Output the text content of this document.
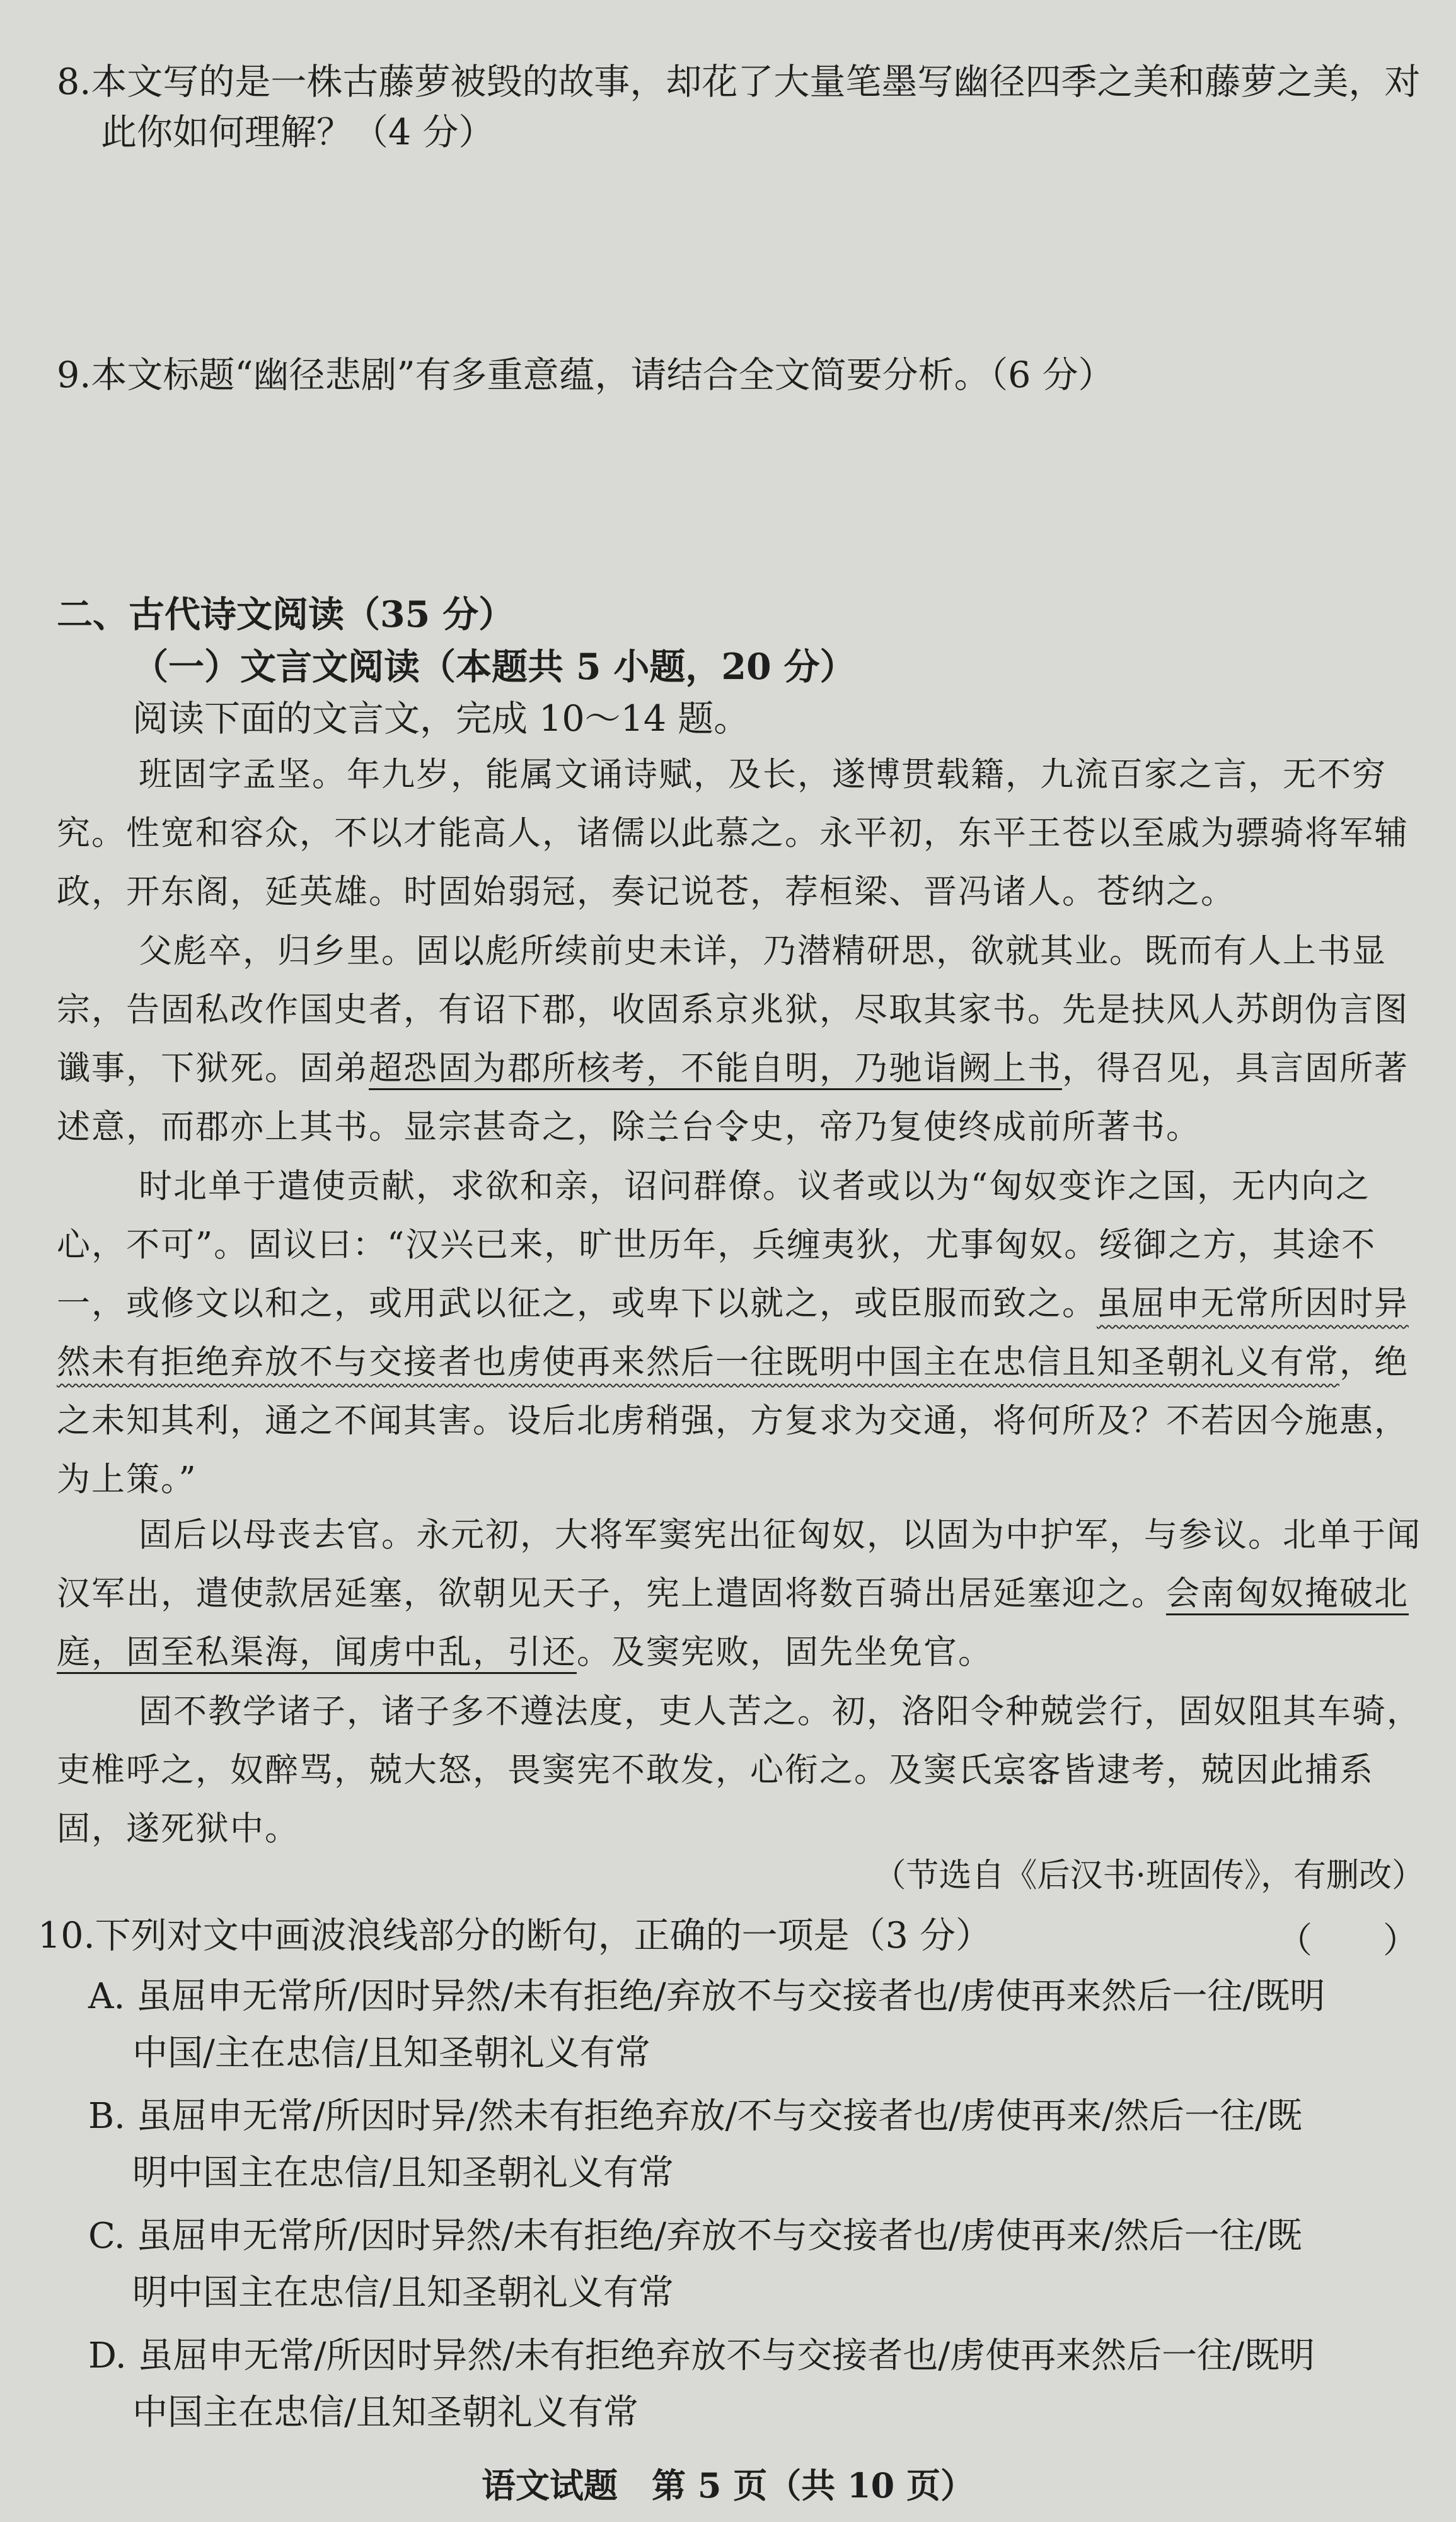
8.本文写的是一株古藤萝被毁的故事，却花了大量笔墨写幽径四季之美和藤萝之美，对
此你如何理解？（4 分）
9.本文标题“幽径悲剧”有多重意蕴，请结合全文简要分析。（6 分）
二、古代诗文阅读（35 分）
（一）文言文阅读（本题共 5 小题，20 分）
阅读下面的文言文，完成 10～14 题。
班固字孟坚。年九岁，能属文诵诗赋，及长，遂博贯载籍，九流百家之言，无不穷究。性宽和容众，不以才能高人，诸儒以此慕之。永平初，东平王苍以至戚为骠骑将军辅政，开东阁，延英雄。时固始弱冠，奏记说苍，荐桓梁、晋冯诸人。苍纳之。
父彪卒，归乡里。固以彪所续前史未详，乃潜精研思，欲就其业。既而有人上书显宗，告固私改作国史者，有诏下郡，收固系京兆狱，尽取其家书。先是扶风人苏朗伪言图谶事，下狱死。固弟超恐固为郡所核考，不能自明，乃驰诣阙上书，得召见，具言固所著述意，而郡亦上其书。显宗甚奇之，除兰台令史，帝乃复使终成前所著书。
时北单于遣使贡献，求欲和亲，诏问群僚。议者或以为“匈奴变诈之国，无内向之心，不可”。固议曰：“汉兴已来，旷世历年，兵缠夷狄，尤事匈奴。绥御之方，其途不一，或修文以和之，或用武以征之，或卑下以就之，或臣服而致之。虽屈申无常所因时异然未有拒绝弃放不与交接者也虏使再来然后一往既明中国主在忠信且知圣朝礼义有常，绝之未知其利，通之不闻其害。设后北虏稍强，方复求为交通，将何所及？不若因今施惠，为上策。”
固后以母丧去官。永元初，大将军窦宪出征匈奴，以固为中护军，与参议。北单于闻汉军出，遣使款居延塞，欲朝见天子，宪上遣固将数百骑出居延塞迎之。会南匈奴掩破北庭，固至私渠海，闻虏中乱，引还。及窦宪败，固先坐免官。
固不教学诸子，诸子多不遵法度，吏人苦之。初，洛阳令种兢尝行，固奴阻其车骑，吏椎呼之，奴醉骂，兢大怒，畏窦宪不敢发，心衔之。及窦氏宾客皆逮考，兢因此捕系固，遂死狱中。
（节选自《后汉书·班固传》，有删改）
10.下列对文中画波浪线部分的断句，正确的一项是（3 分）	（　　）
A. 虽屈申无常所/因时异然/未有拒绝/弃放不与交接者也/虏使再来然后一往/既明
中国/主在忠信/且知圣朝礼义有常
B. 虽屈申无常/所因时异/然未有拒绝弃放/不与交接者也/虏使再来/然后一往/既
明中国主在忠信/且知圣朝礼义有常
C. 虽屈申无常所/因时异然/未有拒绝/弃放不与交接者也/虏使再来/然后一往/既
明中国主在忠信/且知圣朝礼义有常
D. 虽屈申无常/所因时异然/未有拒绝弃放不与交接者也/虏使再来然后一往/既明
中国主在忠信/且知圣朝礼义有常
语文试题　第 5 页（共 10 页）
